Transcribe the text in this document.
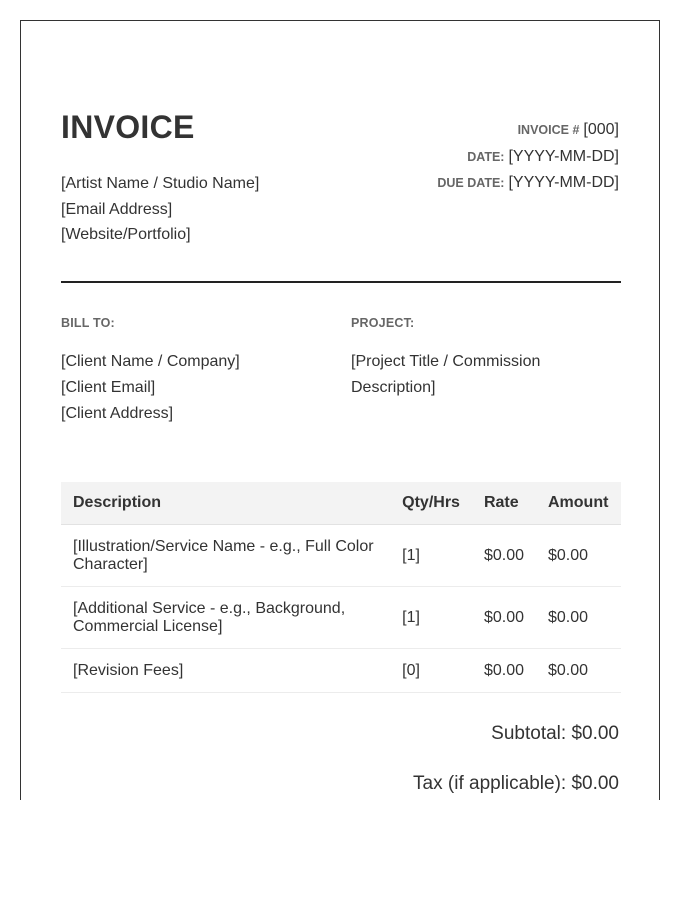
INVOICE
[Artist Name / Studio Name]
[Email Address]
[Website/Portfolio]
INVOICE # [000]
DATE: [YYYY-MM-DD]
DUE DATE: [YYYY-MM-DD]
BILL TO:	PROJECT:
[Client Name / Company]
[Client Email]
[Client Address]
[Project Title / Commission Description]
Description	Qty/Hrs	Rate	Amount
[Illustration/Service Name - e.g., Full Color Character]	[1]	$0.00	$0.00
[Additional Service - e.g., Background, Commercial License]	[1]	$0.00	$0.00
[Revision Fees]	[0]	$0.00	$0.00
Subtotal: $0.00
Tax (if applicable): $0.00
